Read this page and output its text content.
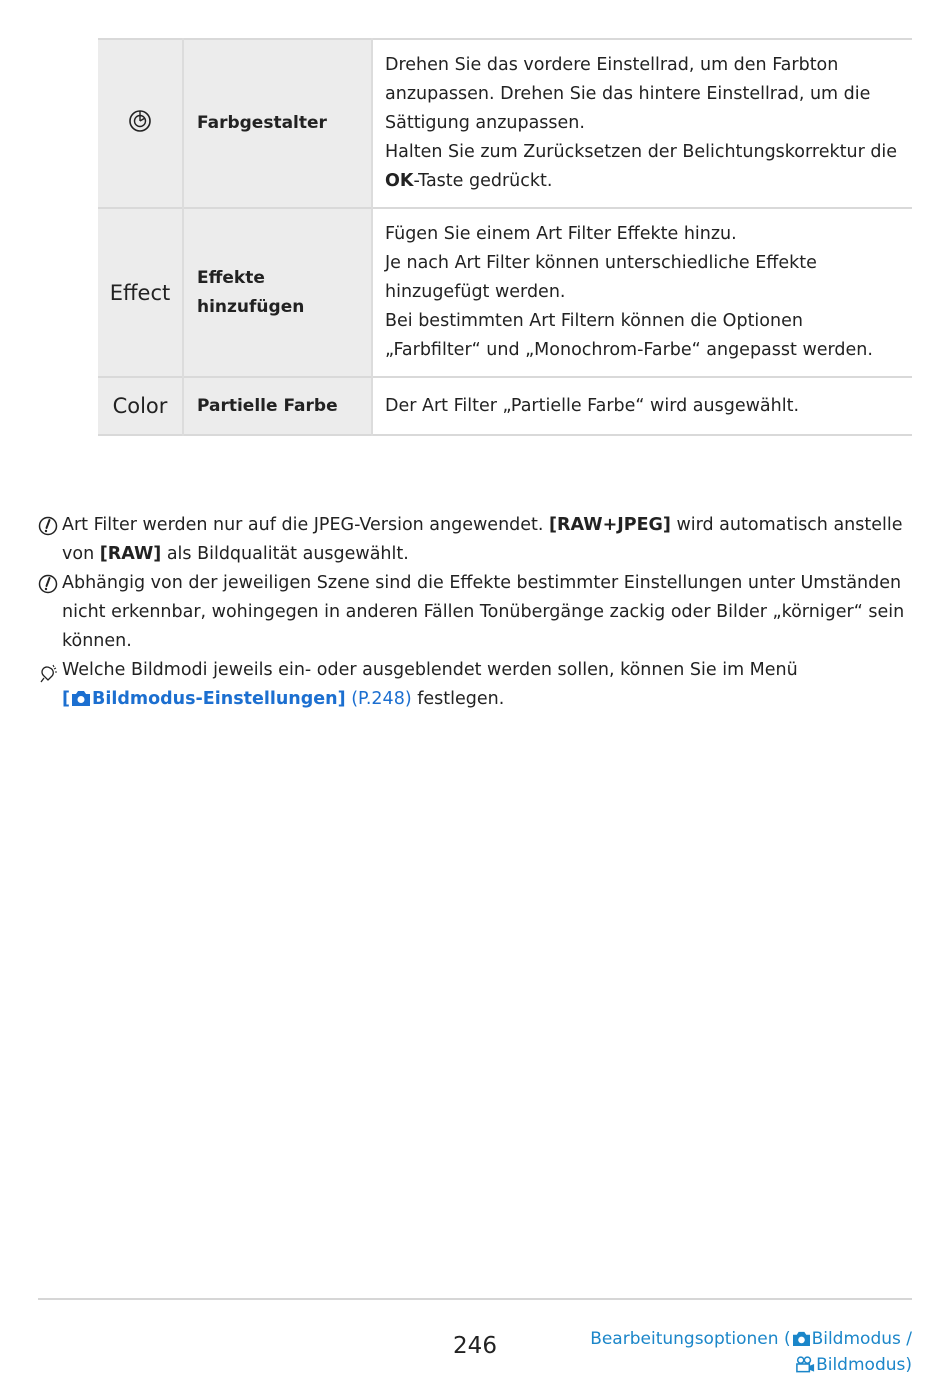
	Farbgestalter	Drehen Sie das vordere Einstellrad, um den Farbton anzupassen. Drehen Sie das hintere Einstellrad, um die Sättigung anzupassen.
Halten Sie zum Zurücksetzen der Belichtungskorrektur die OK-Taste gedrückt.
Effect	Effekte hinzufügen	Fügen Sie einem Art Filter Effekte hinzu.
Je nach Art Filter können unterschiedliche Effekte hinzugefügt werden.
Bei bestimmten Art Filtern können die Optionen „Farbfilter“ und „Monochrom-Farbe“ angepasst werden.
Color	Partielle Farbe	Der Art Filter „Partielle Farbe“ wird ausgewählt.
Art Filter werden nur auf die JPEG-Version angewendet. [RAW+JPEG] wird automatisch anstelle von [RAW] als Bildqualität ausgewählt.
Abhängig von der jeweiligen Szene sind die Effekte bestimmter Einstellungen unter Umständen nicht erkennbar, wohingegen in anderen Fällen Tonübergänge zackig oder Bilder „körniger“ sein können.
Welche Bildmodi jeweils ein- oder ausgeblendet werden sollen, können Sie im Menü
[ Bildmodus-Einstellungen] (P.248) festlegen.
246	Bearbeitungsoptionen ( Bildmodus /
Bildmodus)
